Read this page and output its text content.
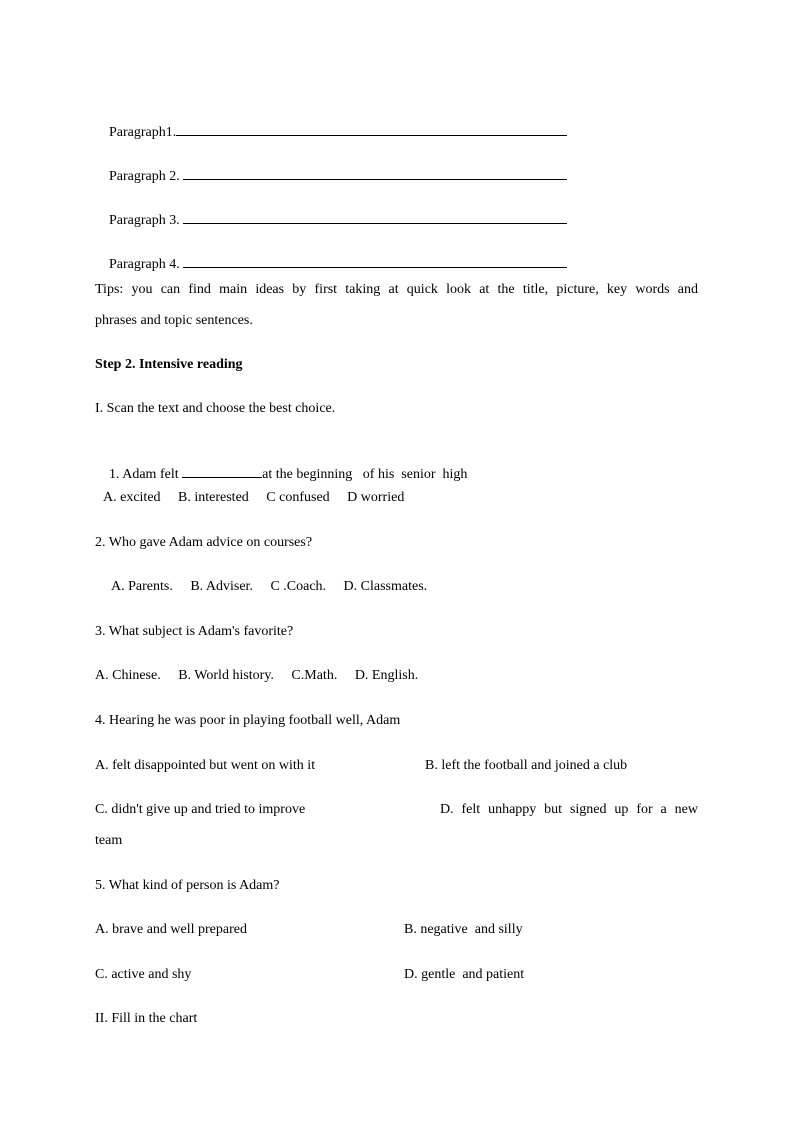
Paragraph1.

Paragraph 2.

Paragraph 3.

Paragraph 4.

Tips: you can find main ideas by first taking at quick look at the title, picture, key words and
phrases and topic sentences.
Step 2. Intensive reading
I. Scan the text and choose the best choice.

1. Adam felt	at the beginning   of his  senior  high

A. excited     B. interested     C confused     D worried
2. Who gave Adam advice on courses?
A. Parents.     B. Adviser.     C .Coach.     D. Classmates.
3. What subject is Adam's favorite?
A. Chinese.     B. World history.     C.Math.     D. English.
4. Hearing he was poor in playing football well, Adam
A. felt disappointed but went on with it	B. left the football and joined a club
C. didn't give up and tried to improve	D. felt unhappy but signed up for a new
team
5. What kind of person is Adam?
A. brave and well prepared	B. negative  and silly
C. active and shy	D. gentle  and patient
II. Fill in the chart
